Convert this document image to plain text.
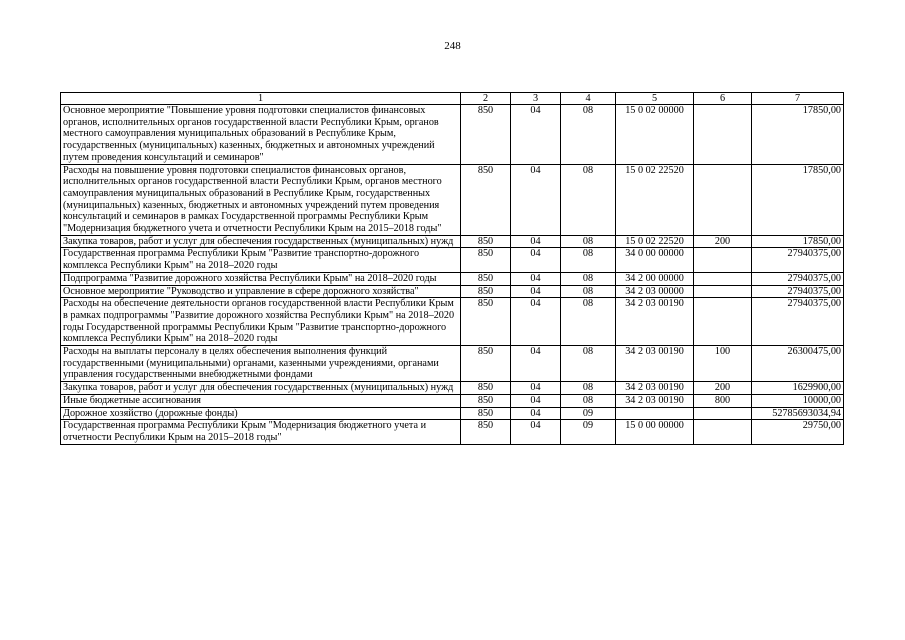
248
1	2	3	4	5	6	7
Основное мероприятие "Повышение уровня подготовки специалистов финансовых органов, исполнительных органов государственной власти Республики Крым, органов местного самоуправления муниципальных образований в Республике Крым, государственных (муниципальных) казенных, бюджетных и автономных учреждений путем проведения консультаций и семинаров"	850	04	08	15 0 02 00000		17850,00
Расходы на повышение уровня подготовки специалистов финансовых органов, исполнительных органов государственной власти Республики Крым, органов местного самоуправления муниципальных образований в Республике Крым, государственных (муниципальных) казенных, бюджетных и автономных учреждений путем проведения консультаций и семинаров в рамках Государственной программы Республики Крым "Модернизация бюджетного учета и отчетности Республики Крым на 2015–2018 годы"	850	04	08	15 0 02 22520		17850,00
Закупка товаров, работ и услуг для обеспечения государственных (муниципальных) нужд	850	04	08	15 0 02 22520	200	17850,00
Государственная программа Республики Крым "Развитие транспортно-дорожного комплекса Республики Крым" на 2018–2020 годы	850	04	08	34 0 00 00000		27940375,00
Подпрограмма "Развитие дорожного хозяйства Республики Крым" на 2018–2020 годы	850	04	08	34 2 00 00000		27940375,00
Основное мероприятие "Руководство и управление в сфере дорожного хозяйства"	850	04	08	34 2 03 00000		27940375,00
Расходы на обеспечение деятельности органов государственной власти Республики Крым в рамках подпрограммы "Развитие дорожного хозяйства Республики Крым" на 2018–2020 годы Государственной программы Республики Крым "Развитие транспортно-дорожного комплекса Республики Крым" на 2018–2020 годы	850	04	08	34 2 03 00190		27940375,00
Расходы на выплаты персоналу в целях обеспечения выполнения функций государственными (муниципальными) органами, казенными учреждениями, органами управления государственными внебюджетными фондами	850	04	08	34 2 03 00190	100	26300475,00
Закупка товаров, работ и услуг для обеспечения государственных (муниципальных) нужд	850	04	08	34 2 03 00190	200	1629900,00
Иные бюджетные ассигнования	850	04	08	34 2 03 00190	800	10000,00
Дорожное хозяйство (дорожные фонды)	850	04	09			52785693034,94
Государственная программа Республики Крым "Модернизация бюджетного учета и отчетности Республики Крым на 2015–2018 годы"	850	04	09	15 0 00 00000		29750,00
